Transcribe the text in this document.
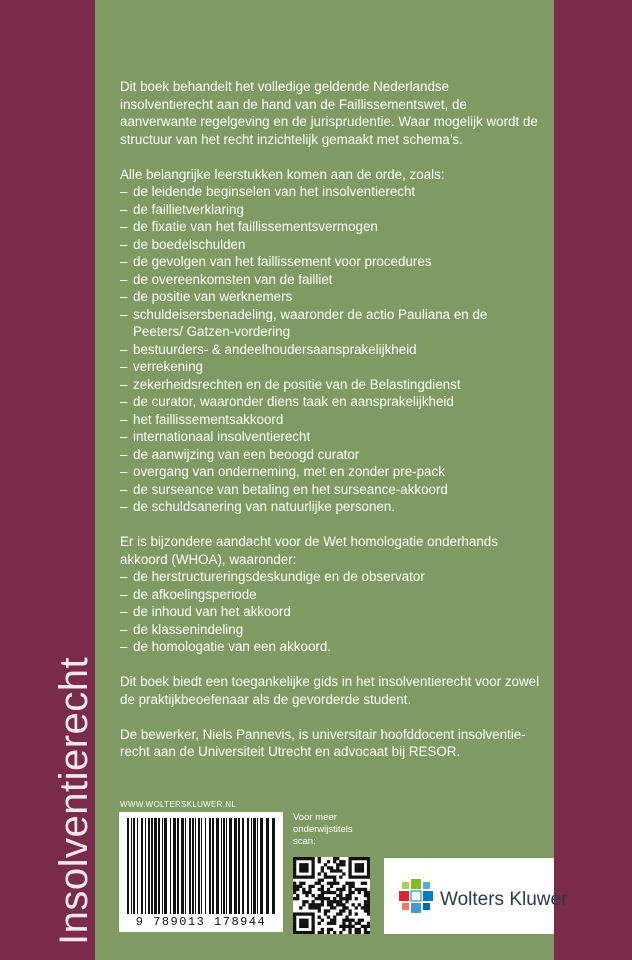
Insolventierecht

Dit boek behandelt het volledige geldende Nederlandse insolventierecht aan de hand van de Faillissementswet, de aanverwante regelgeving en de jurisprudentie. Waar mogelijk wordt de structuur van het recht inzichtelijk gemaakt met schema’s.

Alle belangrijke leerstukken komen aan de orde, zoals:
– de leidende beginselen van het insolventierecht
– de faillietverklaring
– de fixatie van het faillissementsvermogen
– de boedelschulden
– de gevolgen van het faillissement voor procedures
– de overeenkomsten van de failliet
– de positie van werknemers
– schuldeisersbenadeling, waaronder de actio Pauliana en de Peeters/ Gatzen-vordering
– bestuurders- & andeelhoudersaansprakelijkheid
– verrekening
– zekerheidsrechten en de positie van de Belastingdienst
– de curator, waaronder diens taak en aansprakelijkheid
– het faillissementsakkoord
– internationaal insolventierecht
– de aanwijzing van een beoogd curator
– overgang van onderneming, met en zonder pre-pack
– de surseance van betaling en het surseance-akkoord
– de schuldsanering van natuurlijke personen.
Er is bijzondere aandacht voor de Wet homologatie onderhands akkoord (WHOA), waaronder:
– de herstructureringsdeskundige en de observator
– de afkoelingsperiode
– de inhoud van het akkoord
– de klassenindeling
– de homologatie van een akkoord.

Dit boek biedt een toegankelijke gids in het insolventierecht voor zowel de praktijkbeoefenaar als de gevorderde student.

De bewerker, Niels Pannevis, is universitair hoofddocent insolventie-recht aan de Universiteit Utrecht en advocaat bij RESOR.

WWW.WOLTERSKLUWER.NL
9 789013 178944
Voor meer onderwijstitels scan:
Wolters Kluwer
